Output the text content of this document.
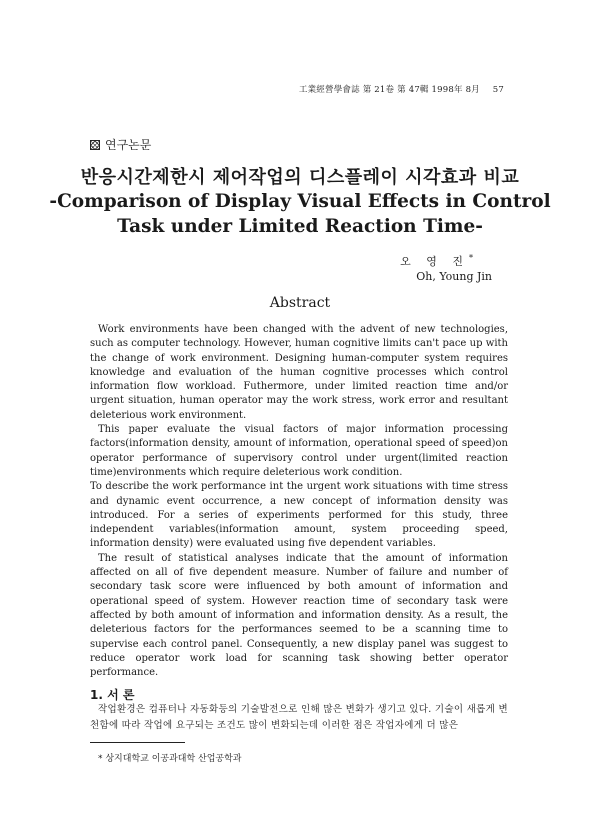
工業經營學會誌 第 21卷 第 47輯 1998年 8月 57
연구논문
반응시간제한시 제어작업의 디스플레이 시각효과 비교
-Comparison of Display Visual Effects in Control
Task under Limited Reaction Time-
오 영 진*
Oh, Young Jin
Abstract

Work environments have been changed with the advent of new technologies, such as computer technology. However, human cognitive limits can't pace up with the change of work environment. Designing human-computer system requires knowledge and evaluation of the human cognitive processes which control information flow workload. Futhermore, under limited reaction time and/or urgent situation, human operator may the work stress, work error and resultant deleterious work environment.

This paper evaluate the visual factors of major information processing factors(information density, amount of information, operational speed of speed)on operator performance of supervisory control under urgent(limited reaction time)environments which require deleterious work condition.

To describe the work performance int the urgent work situations with time stress and dynamic event occurrence, a new concept of information density was introduced. For a series of experiments performed for this study, three independent variables(information amount, system proceeding speed, information density) were evaluated using five dependent variables.

The result of statistical analyses indicate that the amount of information affected on all of five dependent measure. Number of failure and number of secondary task score were influenced by both amount of information and operational speed of system. However reaction time of secondary task were affected by both amount of information and information density. As a result, the deleterious factors for the performances seemed to be a scanning time to supervise each control panel. Consequently, a new display panel was suggest to reduce operator work load for scanning task showing better operator performance.

1. 서 론

작업환경은 컴퓨터나 자동화등의 기술발전으로 인해 많은 변화가 생기고 있다. 기술이 새롭게 변천함에 따라 작업에 요구되는 조건도 많이 변화되는데 이러한 점은 작업자에게 더 많은

* 상지대학교 이공과대학 산업공학과
